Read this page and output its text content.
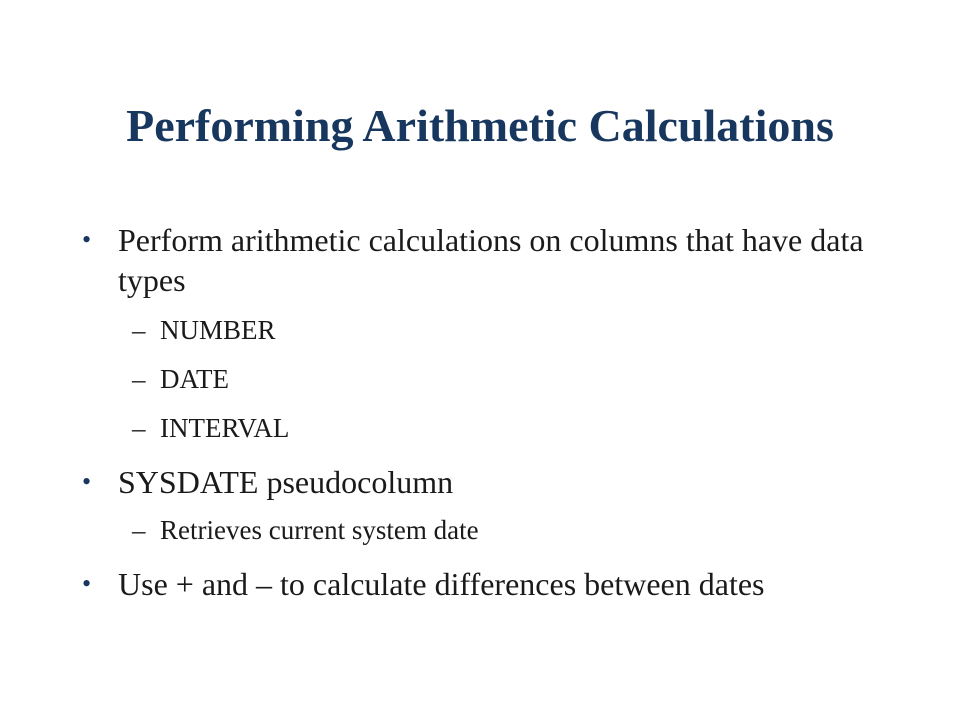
Performing Arithmetic Calculations
• Perform arithmetic calculations on columns that have data types
– NUMBER
– DATE
– INTERVAL
• SYSDATE pseudocolumn
– Retrieves current system date
• Use + and – to calculate differences between dates
